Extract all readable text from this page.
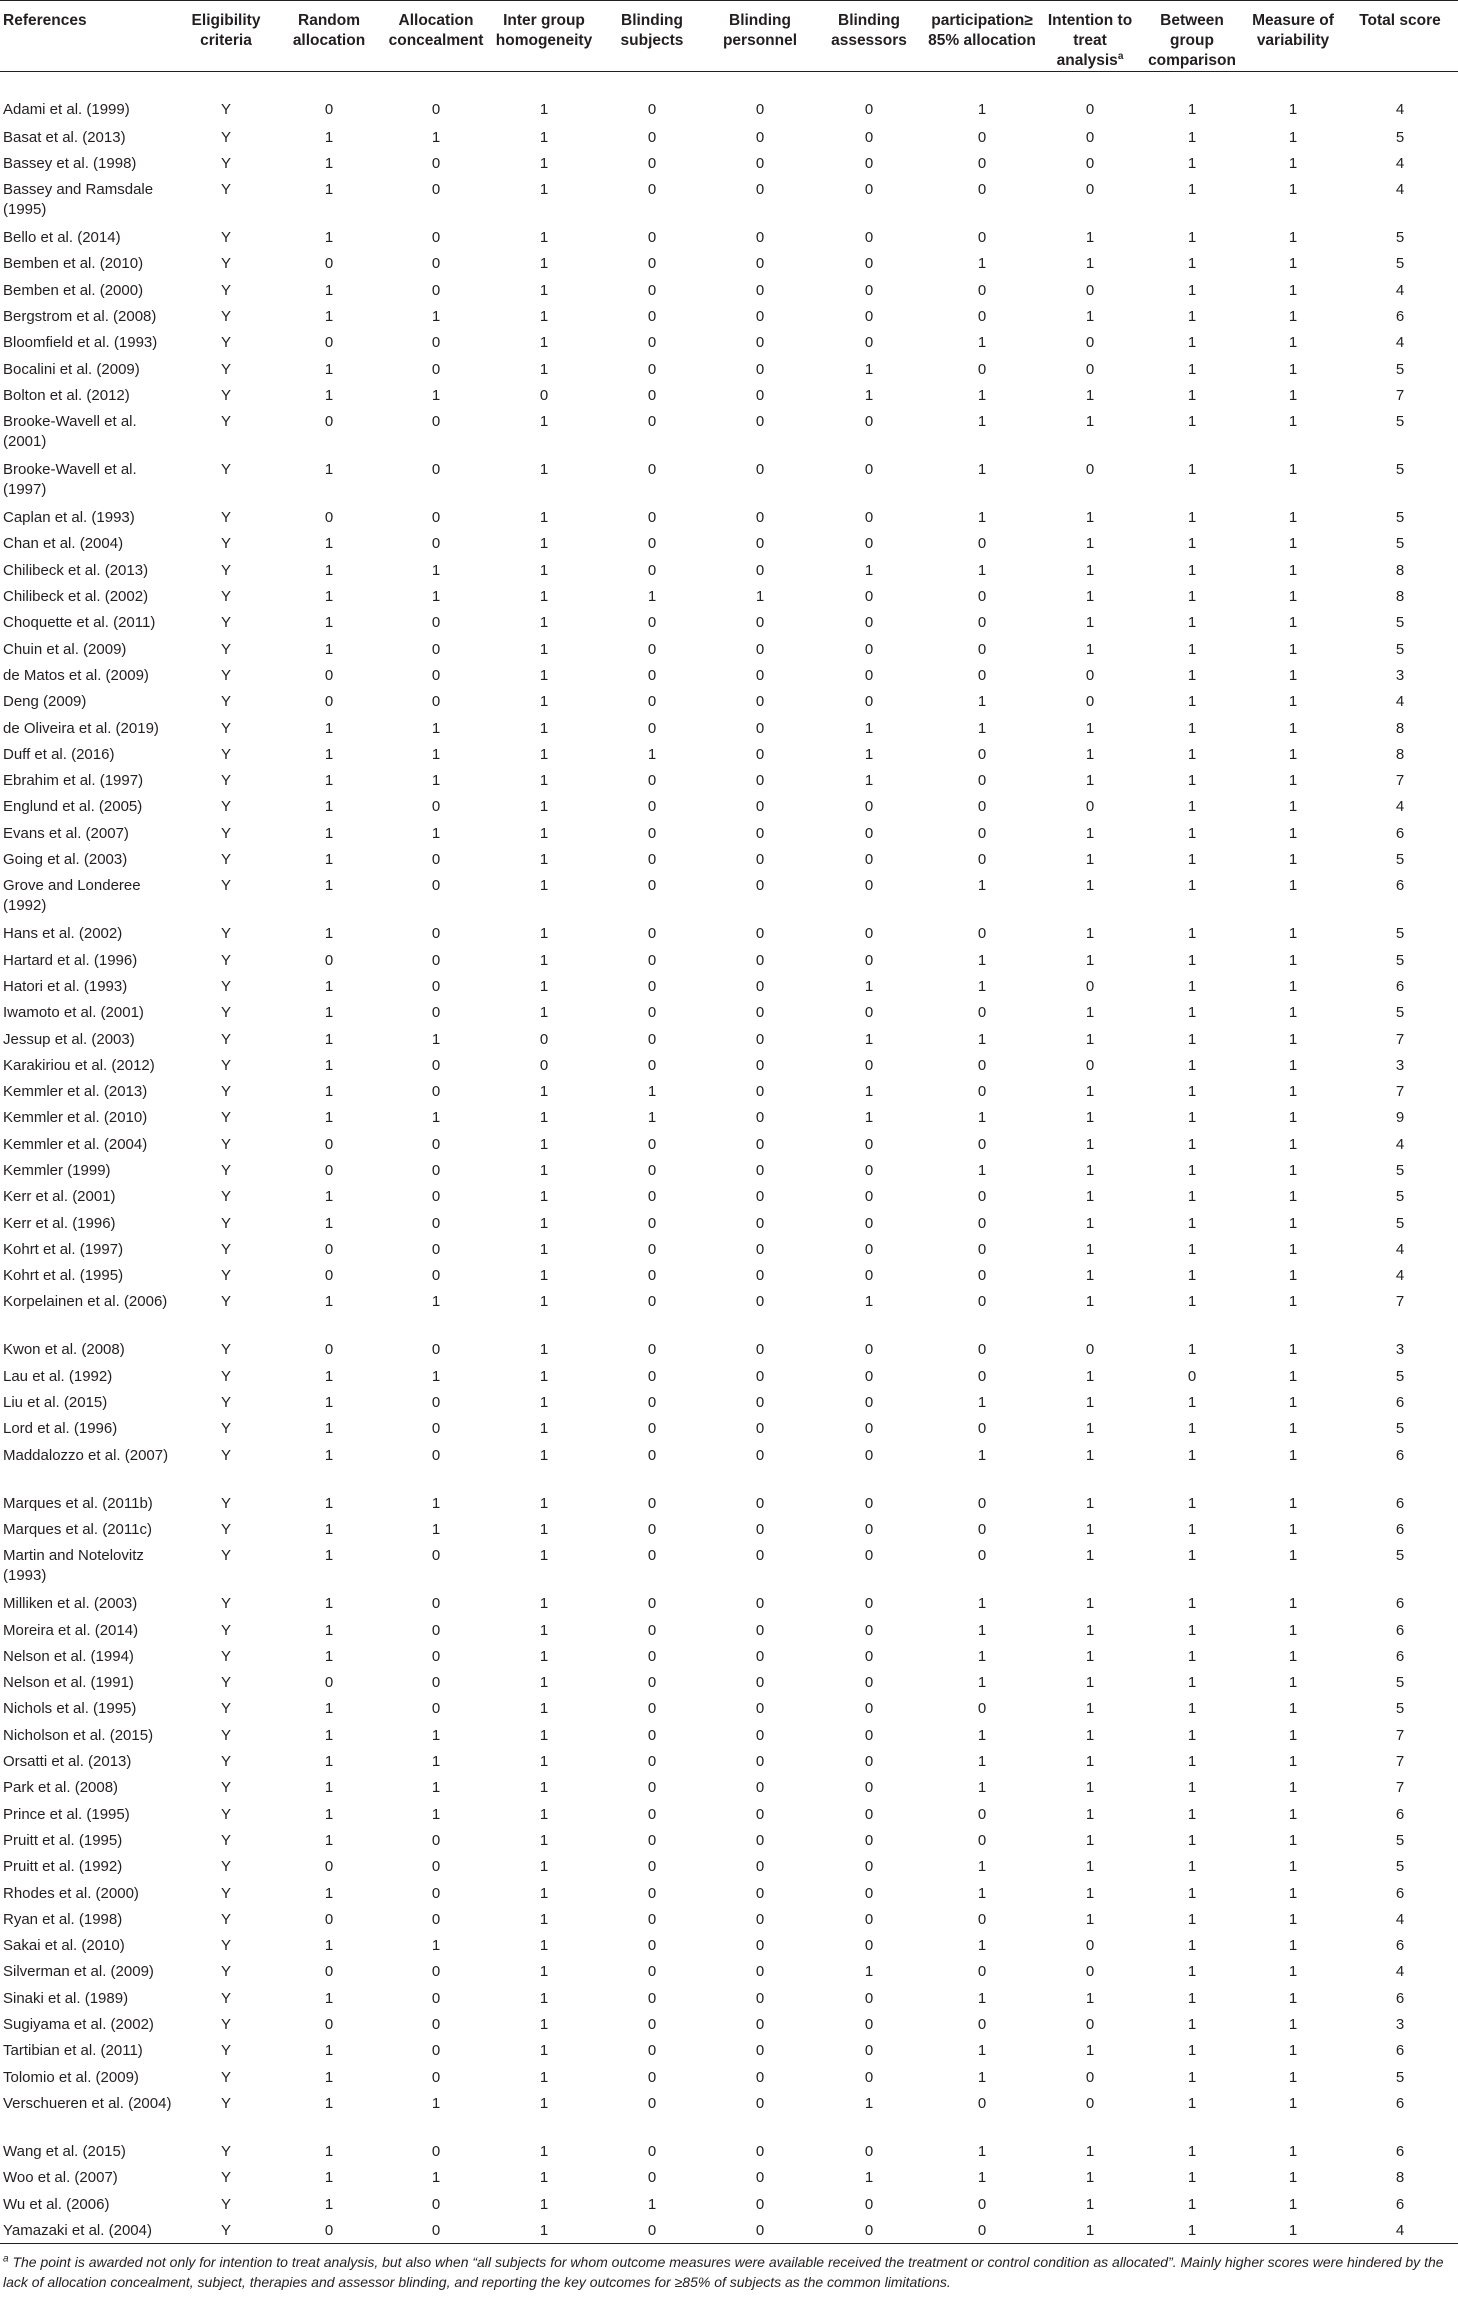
References	Eligibility criteria	Random allocation	Allocation concealment	Inter group homogeneity	Blinding subjects	Blinding personnel	Blinding assessors	participation≥ 85% allocation	Intention to treat analysis$^a$	Between group comparison	Measure of variability	Total score
Adami et al. (1999)	Y	0	0	1	0	0	0	1	0	1	1	4
Basat et al. (2013)	Y	1	1	1	0	0	0	0	0	1	1	5
Bassey et al. (1998)	Y	1	0	1	0	0	0	0	0	1	1	4
Bassey and Ramsdale (1995)	Y	1	0	1	0	0	0	0	0	1	1	4
Bello et al. (2014)	Y	1	0	1	0	0	0	0	1	1	1	5
Bemben et al. (2010)	Y	0	0	1	0	0	0	1	1	1	1	5
Bemben et al. (2000)	Y	1	0	1	0	0	0	0	0	1	1	4
Bergstrom et al. (2008)	Y	1	1	1	0	0	0	0	1	1	1	6
Bloomfield et al. (1993)	Y	0	0	1	0	0	0	1	0	1	1	4
Bocalini et al. (2009)	Y	1	0	1	0	0	1	0	0	1	1	5
Bolton et al. (2012)	Y	1	1	0	0	0	1	1	1	1	1	7
Brooke-Wavell et al. (2001)	Y	0	0	1	0	0	0	1	1	1	1	5
Brooke-Wavell et al. (1997)	Y	1	0	1	0	0	0	1	0	1	1	5
Caplan et al. (1993)	Y	0	0	1	0	0	0	1	1	1	1	5
Chan et al. (2004)	Y	1	0	1	0	0	0	0	1	1	1	5
Chilibeck et al. (2013)	Y	1	1	1	0	0	1	1	1	1	1	8
Chilibeck et al. (2002)	Y	1	1	1	1	1	0	0	1	1	1	8
Choquette et al. (2011)	Y	1	0	1	0	0	0	0	1	1	1	5
Chuin et al. (2009)	Y	1	0	1	0	0	0	0	1	1	1	5
de Matos et al. (2009)	Y	0	0	1	0	0	0	0	0	1	1	3
Deng (2009)	Y	0	0	1	0	0	0	1	0	1	1	4
de Oliveira et al. (2019)	Y	1	1	1	0	0	1	1	1	1	1	8
Duff et al. (2016)	Y	1	1	1	1	0	1	0	1	1	1	8
Ebrahim et al. (1997)	Y	1	1	1	0	0	1	0	1	1	1	7
Englund et al. (2005)	Y	1	0	1	0	0	0	0	0	1	1	4
Evans et al. (2007)	Y	1	1	1	0	0	0	0	1	1	1	6
Going et al. (2003)	Y	1	0	1	0	0	0	0	1	1	1	5
Grove and Londeree (1992)	Y	1	0	1	0	0	0	1	1	1	1	6
Hans et al. (2002)	Y	1	0	1	0	0	0	0	1	1	1	5
Hartard et al. (1996)	Y	0	0	1	0	0	0	1	1	1	1	5
Hatori et al. (1993)	Y	1	0	1	0	0	1	1	0	1	1	6
Iwamoto et al. (2001)	Y	1	0	1	0	0	0	0	1	1	1	5
Jessup et al. (2003)	Y	1	1	0	0	0	1	1	1	1	1	7
Karakiriou et al. (2012)	Y	1	0	0	0	0	0	0	0	1	1	3
Kemmler et al. (2013)	Y	1	0	1	1	0	1	0	1	1	1	7
Kemmler et al. (2010)	Y	1	1	1	1	0	1	1	1	1	1	9
Kemmler et al. (2004)	Y	0	0	1	0	0	0	0	1	1	1	4
Kemmler (1999)	Y	0	0	1	0	0	0	1	1	1	1	5
Kerr et al. (2001)	Y	1	0	1	0	0	0	0	1	1	1	5
Kerr et al. (1996)	Y	1	0	1	0	0	0	0	1	1	1	5
Kohrt et al. (1997)	Y	0	0	1	0	0	0	0	1	1	1	4
Kohrt et al. (1995)	Y	0	0	1	0	0	0	0	1	1	1	4
Korpelainen et al. (2006)	Y	1	1	1	0	0	1	0	1	1	1	7
Kwon et al. (2008)	Y	0	0	1	0	0	0	0	0	1	1	3
Lau et al. (1992)	Y	1	1	1	0	0	0	0	1	0	1	5
Liu et al. (2015)	Y	1	0	1	0	0	0	1	1	1	1	6
Lord et al. (1996)	Y	1	0	1	0	0	0	0	1	1	1	5
Maddalozzo et al. (2007)	Y	1	0	1	0	0	0	1	1	1	1	6
Marques et al. (2011b)	Y	1	1	1	0	0	0	0	1	1	1	6
Marques et al. (2011c)	Y	1	1	1	0	0	0	0	1	1	1	6
Martin and Notelovitz (1993)	Y	1	0	1	0	0	0	0	1	1	1	5
Milliken et al. (2003)	Y	1	0	1	0	0	0	1	1	1	1	6
Moreira et al. (2014)	Y	1	0	1	0	0	0	1	1	1	1	6
Nelson et al. (1994)	Y	1	0	1	0	0	0	1	1	1	1	6
Nelson et al. (1991)	Y	0	0	1	0	0	0	1	1	1	1	5
Nichols et al. (1995)	Y	1	0	1	0	0	0	0	1	1	1	5
Nicholson et al. (2015)	Y	1	1	1	0	0	0	1	1	1	1	7
Orsatti et al. (2013)	Y	1	1	1	0	0	0	1	1	1	1	7
Park et al. (2008)	Y	1	1	1	0	0	0	1	1	1	1	7
Prince et al. (1995)	Y	1	1	1	0	0	0	0	1	1	1	6
Pruitt et al. (1995)	Y	1	0	1	0	0	0	0	1	1	1	5
Pruitt et al. (1992)	Y	0	0	1	0	0	0	1	1	1	1	5
Rhodes et al. (2000)	Y	1	0	1	0	0	0	1	1	1	1	6
Ryan et al. (1998)	Y	0	0	1	0	0	0	0	1	1	1	4
Sakai et al. (2010)	Y	1	1	1	0	0	0	1	0	1	1	6
Silverman et al. (2009)	Y	0	0	1	0	0	1	0	0	1	1	4
Sinaki et al. (1989)	Y	1	0	1	0	0	0	1	1	1	1	6
Sugiyama et al. (2002)	Y	0	0	1	0	0	0	0	0	1	1	3
Tartibian et al. (2011)	Y	1	0	1	0	0	0	1	1	1	1	6
Tolomio et al. (2009)	Y	1	0	1	0	0	0	1	0	1	1	5
Verschueren et al. (2004)	Y	1	1	1	0	0	1	0	0	1	1	6
Wang et al. (2015)	Y	1	0	1	0	0	0	1	1	1	1	6
Woo et al. (2007)	Y	1	1	1	0	0	1	1	1	1	1	8
Wu et al. (2006)	Y	1	0	1	1	0	0	0	1	1	1	6
Yamazaki et al. (2004)	Y	0	0	1	0	0	0	0	1	1	1	4
$^a$ The point is awarded not only for intention to treat analysis, but also when “all subjects for whom outcome measures were available received the treatment or control condition as allocated”. Mainly higher scores were hindered by the lack of allocation concealment, subject, therapies and assessor blinding, and reporting the key outcomes for ≥85% of subjects as the common limitations.
